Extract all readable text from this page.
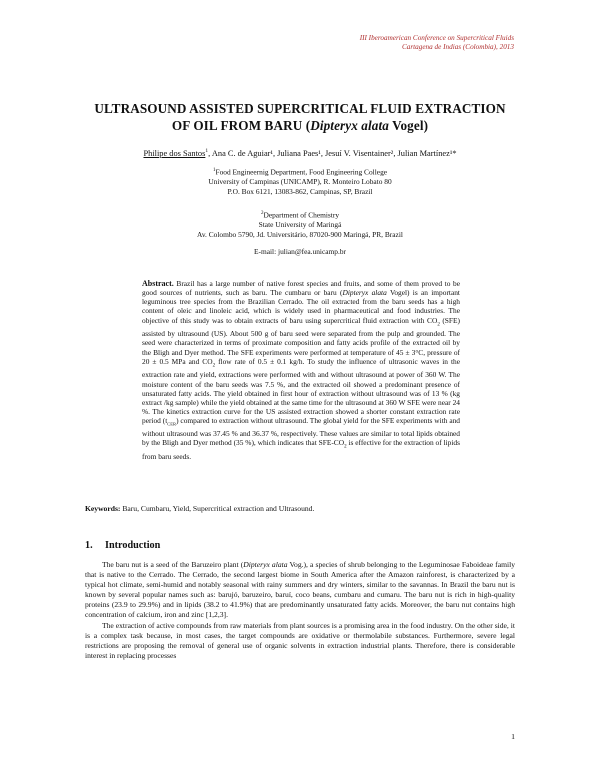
III Iberoamerican Conference on Supercritical Fluids
Cartagena de Indias (Colombia), 2013
ULTRASOUND ASSISTED SUPERCRITICAL FLUID EXTRACTION
OF OIL FROM BARU (Dipteryx alata Vogel)
Philipe dos Santos$^1$, Ana C. de Aguiar¹, Juliana Paes¹, Jesuí V. Visentainer², Julian Martínez¹*
$^1$Food Engineernig Department, Food Engineering College
University of Campinas (UNICAMP), R. Monteiro Lobato 80
P.O. Box 6121, 13083-862, Campinas, SP, Brazil
$^2$Department of Chemistry
State University of Maringá
Av. Colombo 5790, Jd. Universitário, 87020-900 Maringá, PR, Brazil
E-mail: julian@fea.unicamp.br
Abstract. Brazil has a large number of native forest species and fruits, and some of them proved to be good sources of nutrients, such as baru. The cumbaru or baru (Dipteryx alata Vogel) is an important leguminous tree species from the Brazilian Cerrado. The oil extracted from the baru seeds has a high content of oleic and linoleic acid, which is widely used in pharmaceutical and food industries. The objective of this study was to obtain extracts of baru using supercritical fluid extraction with $CO_2$ (SFE) assisted by ultrasound (US). About 500 g of baru seed were separated from the pulp and grounded. The seed were characterized in terms of proximate composition and fatty acids profile of the extracted oil by the Bligh and Dyer method. The SFE experiments were performed at temperature of 45 ± 3°C, pressure of 20 ± 0.5 MPa and $CO_2$ flow rate of 0.5 ± 0.1 kg/h. To study the influence of ultrasonic waves in the extraction rate and yield, extractions were performed with and without ultrasound at power of 360 W. The moisture content of the baru seeds was 7.5 %, and the extracted oil showed a predominant presence of unsaturated fatty acids. The yield obtained in first hour of extraction without ultrasound was of 13 % (kg extract /kg sample) while the yield obtained at the same time for the ultrasound at 360 W SFE were near 24 %. The kinetics extraction curve for the US assisted extraction showed a shorter constant extraction rate period $(t_{CER})$ compared to extraction without ultrasound. The global yield for the SFE experiments with and without ultrasound was 37.45 % and 36.37 %, respectively. These values are similar to total lipids obtained by the Bligh and Dyer method (35 %), which indicates that SFE-$CO_2$ is effective for the extraction of lipids from baru seeds.
Keywords: Baru, Cumbaru, Yield, Supercritical extraction and Ultrasound.
1. Introduction

The baru nut is a seed of the Baruzeiro plant (Dipteryx alata Vog.), a species of shrub belonging to the Leguminosae Faboideae family that is native to the Cerrado. The Cerrado, the second largest biome in South America after the Amazon rainforest, is characterized by a typical hot climate, semi-humid and notably seasonal with rainy summers and dry winters, similar to the savannas. In Brazil the baru nut is known by several popular names such as: barujó, baruzeiro, baruí, coco beans, cumbaru and cumaru. The baru nut is rich in high-quality proteins (23.9 to 29.9%) and in lipids (38.2 to 41.9%) that are predominantly unsaturated fatty acids. Moreover, the baru nut contains high concentration of calcium, iron and zinc [1,2,3].

The extraction of active compounds from raw materials from plant sources is a promising area in the food industry. On the other side, it is a complex task because, in most cases, the target compounds are oxidative or thermolabile substances. Furthermore, severe legal restrictions are proposing the removal of general use of organic solvents in extraction industrial plants. Therefore, there is considerable interest in replacing processes

1
